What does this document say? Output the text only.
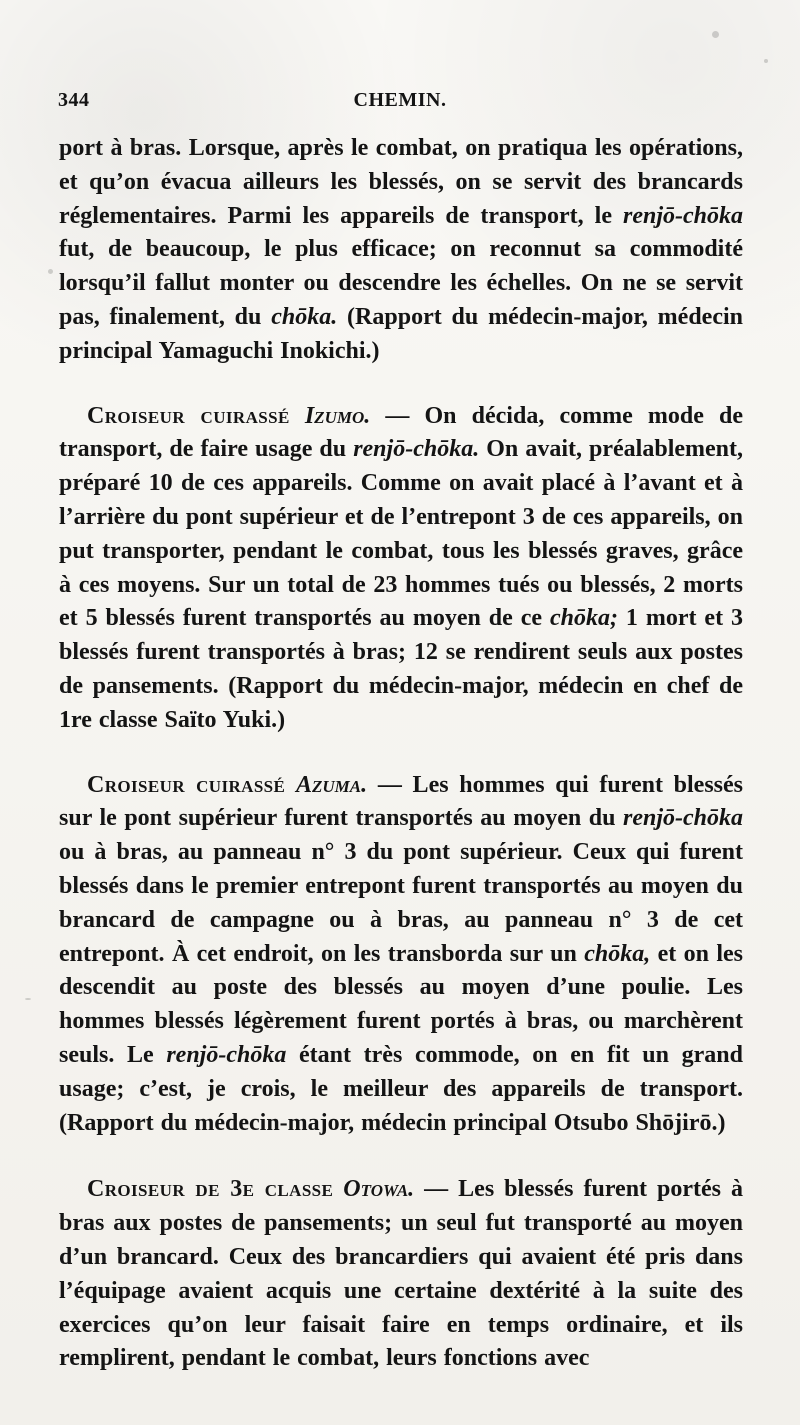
344	CHEMIN.

port à bras. Lorsque, après le combat, on pratiqua les opérations, et qu’on évacua ailleurs les blessés, on se servit des brancards réglementaires. Parmi les appareils de transport, le renjō-chōka fut, de beaucoup, le plus efficace; on reconnut sa commodité lorsqu’il fallut monter ou descendre les échelles. On ne se servit pas, finalement, du chōka. (Rapport du médecin-major, médecin principal Yamaguchi Inokichi.)

Croiseur cuirassé Izumo. — On décida, comme mode de transport, de faire usage du renjō-chōka. On avait, préalablement, préparé 10 de ces appareils. Comme on avait placé à l’avant et à l’arrière du pont supérieur et de l’entrepont 3 de ces appareils, on put transporter, pendant le combat, tous les blessés graves, grâce à ces moyens. Sur un total de 23 hommes tués ou blessés, 2 morts et 5 blessés furent transportés au moyen de ce chōka; 1 mort et 3 blessés furent transportés à bras; 12 se rendirent seuls aux postes de pansements. (Rapport du médecin-major, médecin en chef de 1re classe Saïto Yuki.)

Croiseur cuirassé Azuma. — Les hommes qui furent blessés sur le pont supérieur furent transportés au moyen du renjō-chōka ou à bras, au panneau n° 3 du pont supérieur. Ceux qui furent blessés dans le premier entrepont furent transportés au moyen du brancard de campagne ou à bras, au panneau n° 3 de cet entrepont. À cet endroit, on les transborda sur un chōka, et on les descendit au poste des blessés au moyen d’une poulie. Les hommes blessés légèrement furent portés à bras, ou marchèrent seuls. Le renjō-chōka étant très commode, on en fit un grand usage; c’est, je crois, le meilleur des appareils de transport. (Rapport du médecin-major, médecin principal Otsubo Shōjirō.)

Croiseur de 3e classe Otowa. — Les blessés furent portés à bras aux postes de pansements; un seul fut transporté au moyen d’un brancard. Ceux des brancardiers qui avaient été pris dans l’équipage avaient acquis une certaine dextérité à la suite des exercices qu’on leur faisait faire en temps ordinaire, et ils remplirent, pendant le combat, leurs fonctions avec
